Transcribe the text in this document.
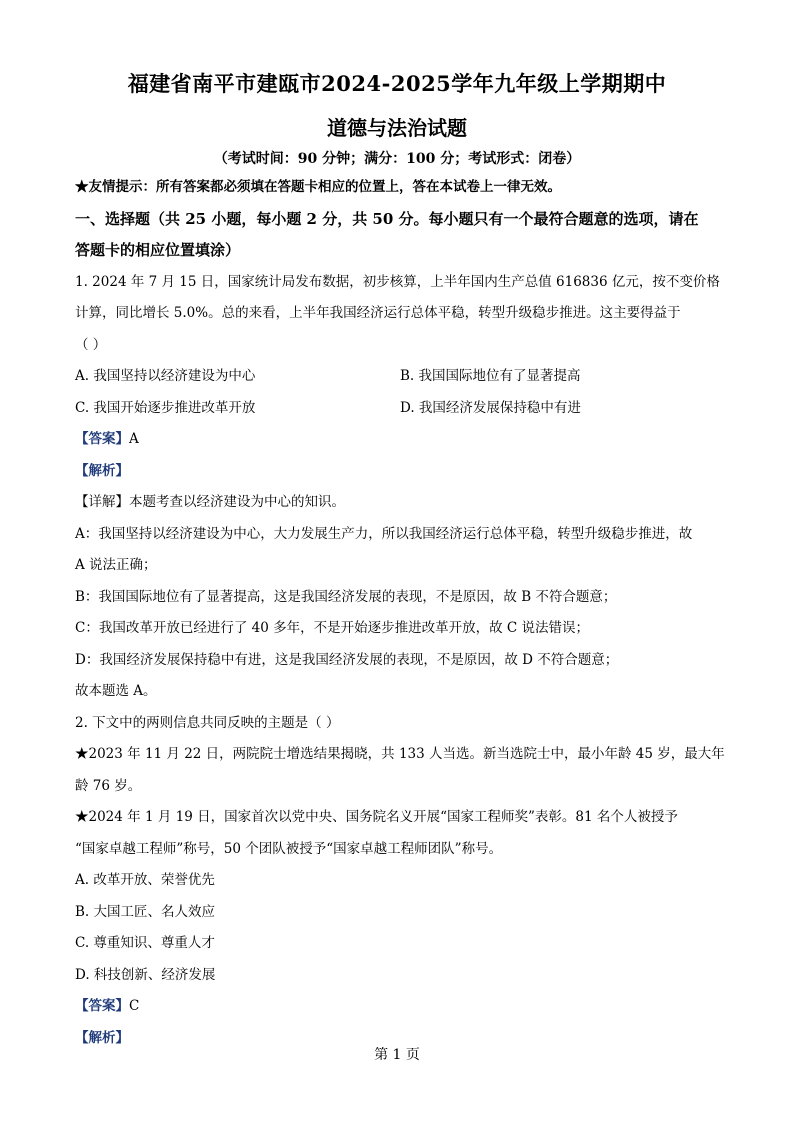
福建省南平市建瓯市2024-2025学年九年级上学期期中
道德与法治试题
（考试时间：90 分钟；满分：100 分；考试形式：闭卷）
★友情提示：所有答案都必须填在答题卡相应的位置上，答在本试卷上一律无效。
一、选择题（共 25 小题，每小题 2 分，共 50 分。每小题只有一个最符合题意的选项，请在
答题卡的相应位置填涂）
1. 2024 年 7 月 15 日，国家统计局发布数据，初步核算，上半年国内生产总值 616836 亿元，按不变价格
计算，同比增长 5.0%。总的来看，上半年我国经济运行总体平稳，转型升级稳步推进。这主要得益于
（ ）
A. 我国坚持以经济建设为中心	B. 我国国际地位有了显著提高
C. 我国开始逐步推进改革开放	D. 我国经济发展保持稳中有进
【答案】A
【解析】
【详解】本题考查以经济建设为中心的知识。
A：我国坚持以经济建设为中心，大力发展生产力，所以我国经济运行总体平稳，转型升级稳步推进，故
A 说法正确；
B：我国国际地位有了显著提高，这是我国经济发展的表现，不是原因，故 B 不符合题意；
C：我国改革开放已经进行了 40 多年，不是开始逐步推进改革开放，故 C 说法错误；
D：我国经济发展保持稳中有进，这是我国经济发展的表现，不是原因，故 D 不符合题意；
故本题选 A。
2. 下文中的两则信息共同反映的主题是（ ）
★2023 年 11 月 22 日，两院院士增选结果揭晓，共 133 人当选。新当选院士中，最小年龄 45 岁，最大年
龄 76 岁。
★2024 年 1 月 19 日，国家首次以党中央、国务院名义开展“国家工程师奖”表彰。81 名个人被授予
“国家卓越工程师”称号，50 个团队被授予“国家卓越工程师团队”称号。
A. 改革开放、荣誉优先
B. 大国工匠、名人效应
C. 尊重知识、尊重人才
D. 科技创新、经济发展
【答案】C
【解析】
第 1 页
